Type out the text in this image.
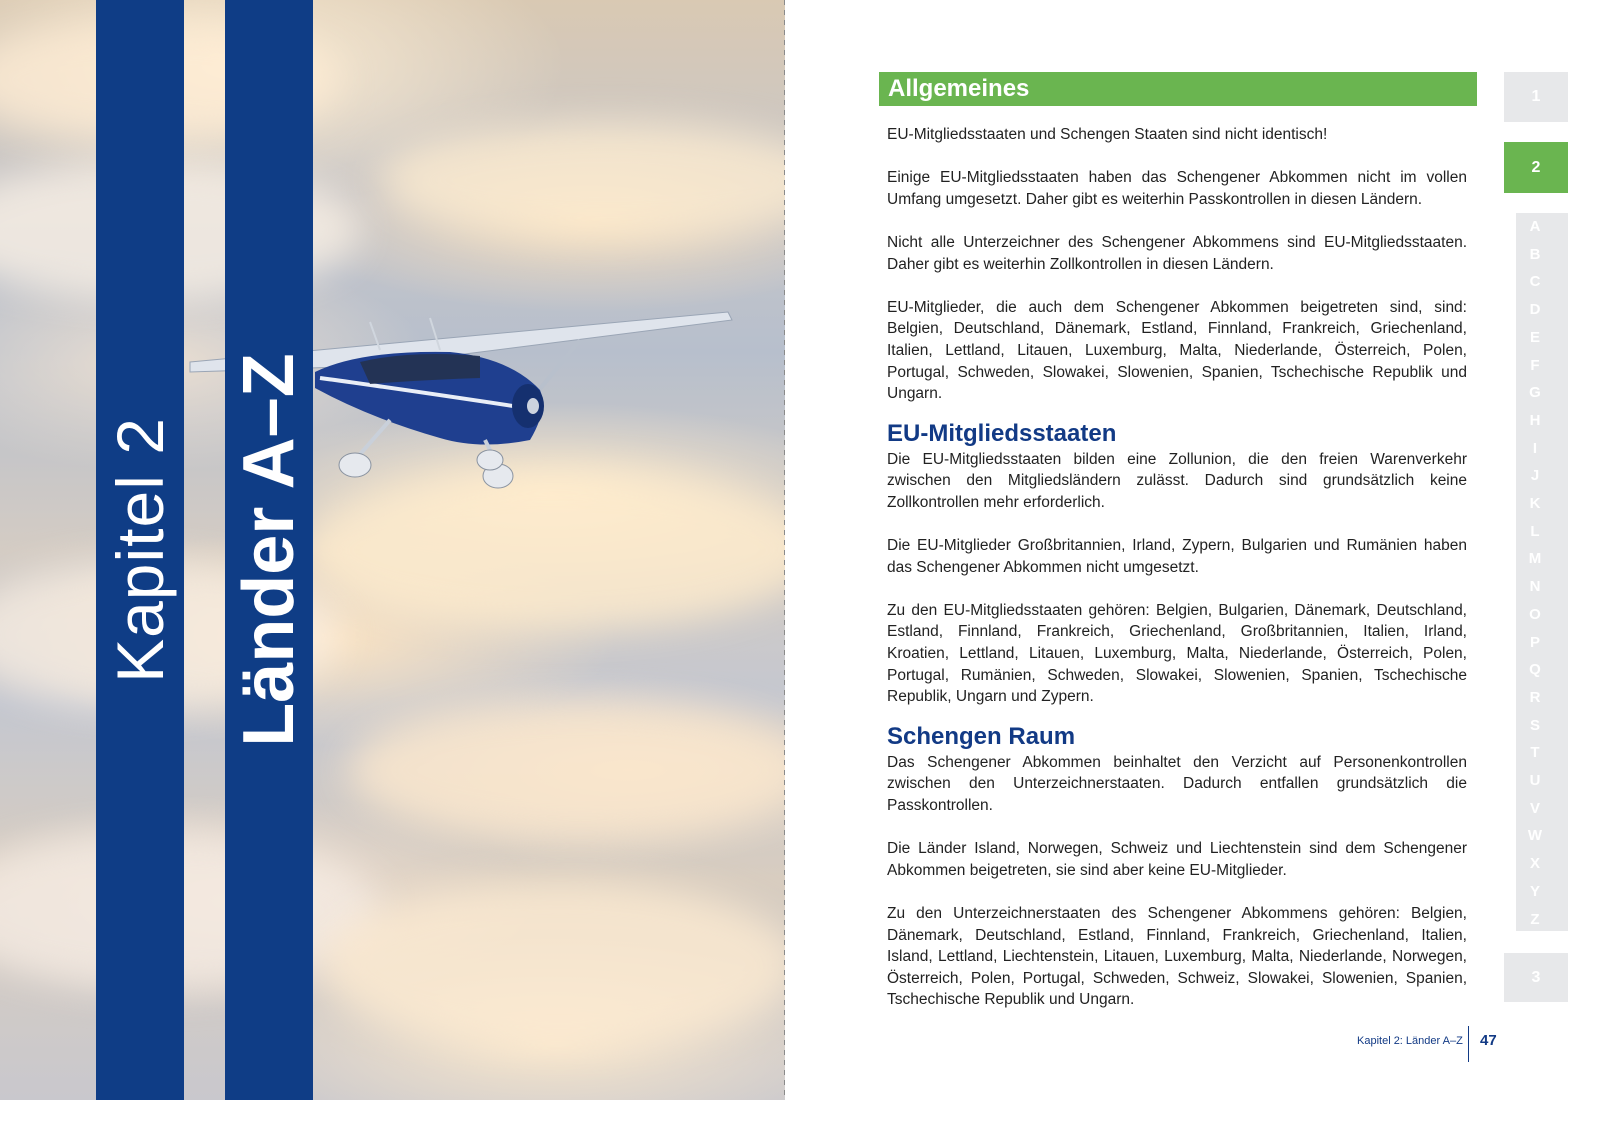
Kapitel 2 Länder A–Z
Allgemeines

EU-Mitgliedsstaaten und Schengen Staaten sind nicht identisch!

Einige EU-Mitgliedsstaaten haben das Schengener Abkommen nicht im vollen Umfang umgesetzt. Daher gibt es weiterhin Passkontrollen in diesen Ländern.

Nicht alle Unterzeichner des Schengener Abkommens sind EU-Mitgliedsstaaten. Daher gibt es weiterhin Zollkontrollen in diesen Ländern.

EU-Mitglieder, die auch dem Schengener Abkommen beigetreten sind, sind: Belgien, Deutschland, Dänemark, Estland, Finnland, Frankreich, Griechenland, Italien, Lettland, Litauen, Luxemburg, Malta, Niederlande, Österreich, Polen, Portugal, Schweden, Slowakei, Slowenien, Spanien, Tschechische Republik und Ungarn.

EU-Mitgliedsstaaten

Die EU-Mitgliedsstaaten bilden eine Zollunion, die den freien Warenverkehr zwischen den Mitgliedsländern zulässt. Dadurch sind grundsätzlich keine Zollkontrollen mehr erforderlich.

Die EU-Mitglieder Großbritannien, Irland, Zypern, Bulgarien und Rumänien haben das Schengener Abkommen nicht umgesetzt.

Zu den EU-Mitgliedsstaaten gehören: Belgien, Bulgarien, Dänemark, Deutschland, Estland, Finnland, Frankreich, Griechenland, Großbritannien, Italien, Irland, Kroatien, Lettland, Litauen, Luxemburg, Malta, Niederlande, Österreich, Polen, Portugal, Rumänien, Schweden, Slowakei, Slowenien, Spanien, Tschechische Republik, Ungarn und Zypern.

Schengen Raum

Das Schengener Abkommen beinhaltet den Verzicht auf Personenkontrollen zwischen den Unterzeichnerstaaten. Dadurch entfallen grundsätzlich die Passkontrollen.

Die Länder Island, Norwegen, Schweiz und Liechtenstein sind dem Schengener Abkommen beigetreten, sie sind aber keine EU-Mitglieder.

Zu den Unterzeichnerstaaten des Schengener Abkommens gehören: Belgien, Dänemark, Deutschland, Estland, Finnland, Frankreich, Griechenland, Italien, Island, Lettland, Liechtenstein, Litauen, Luxemburg, Malta, Niederlande, Norwegen, Österreich, Polen, Portugal, Schweden, Schweiz, Slowakei, Slowenien, Spanien, Tschechische Republik und Ungarn.

1
2
A
B
C
D
E
F
G
H
I
J
K
L
M
N
O
P
Q
R
S
T
U
V
W
X
Y
Z
3
Kapitel 2: Länder A–Z 47
